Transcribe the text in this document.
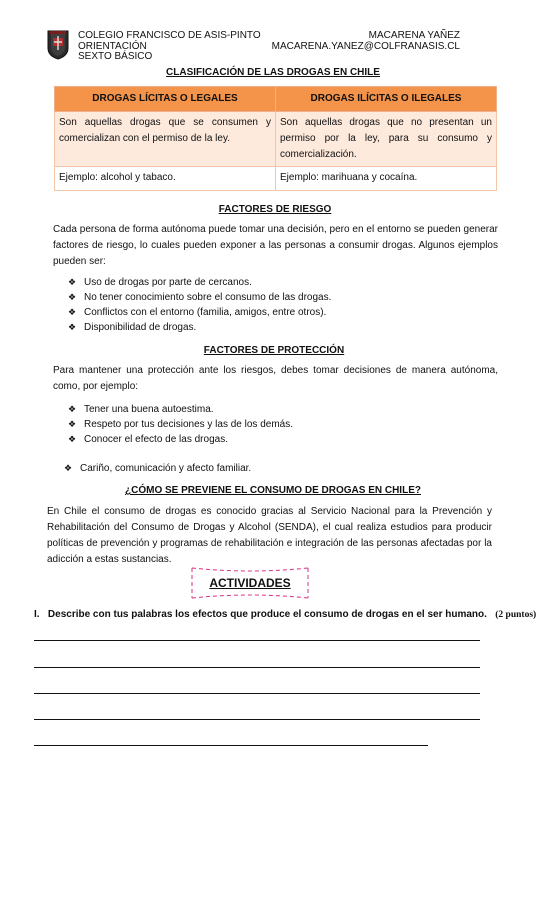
COLEGIO FRANCISCO DE ASIS-PINTO
ORIENTACIÓN
SEXTO BÁSICO
MACARENA YAÑEZ
MACARENA.YANEZ@COLFRANASIS.CL
CLASIFICACIÓN DE LAS DROGAS EN CHILE
DROGAS LÍCITAS O LEGALES	DROGAS ILÍCITAS O ILEGALES
Son aquellas drogas que se consumen y comercializan con el permiso de la ley.	Son aquellas drogas que no presentan un permiso por la ley, para su consumo y comercialización.
Ejemplo: alcohol y tabaco.	Ejemplo: marihuana y cocaína.
FACTORES DE RIESGO
Cada persona de forma autónoma puede tomar una decisión, pero en el entorno se pueden generar factores de riesgo, lo cuales pueden exponer a las personas a consumir drogas. Algunos ejemplos pueden ser:
❖ Uso de drogas por parte de cercanos.
❖ No tener conocimiento sobre el consumo de las drogas.
❖ Conflictos con el entorno (familia, amigos, entre otros).
❖ Disponibilidad de drogas.
FACTORES DE PROTECCIÓN
Para mantener una protección ante los riesgos, debes tomar decisiones de manera autónoma, como, por ejemplo:
❖ Tener una buena autoestima.
❖ Respeto por tus decisiones y las de los demás.
❖ Conocer el efecto de las drogas.
❖ Cariño, comunicación y afecto familiar.
¿CÓMO SE PREVIENE EL CONSUMO DE DROGAS EN CHILE?
En Chile el consumo de drogas es conocido gracias al Servicio Nacional para la Prevención y Rehabilitación del Consumo de Drogas y Alcohol (SENDA), el cual realiza estudios para producir políticas de prevención y programas de rehabilitación e integración de las personas afectadas por la adicción a estas sustancias.
ACTIVIDADES
I. Describe con tus palabras los efectos que produce el consumo de drogas en el ser humano. (2 puntos)
